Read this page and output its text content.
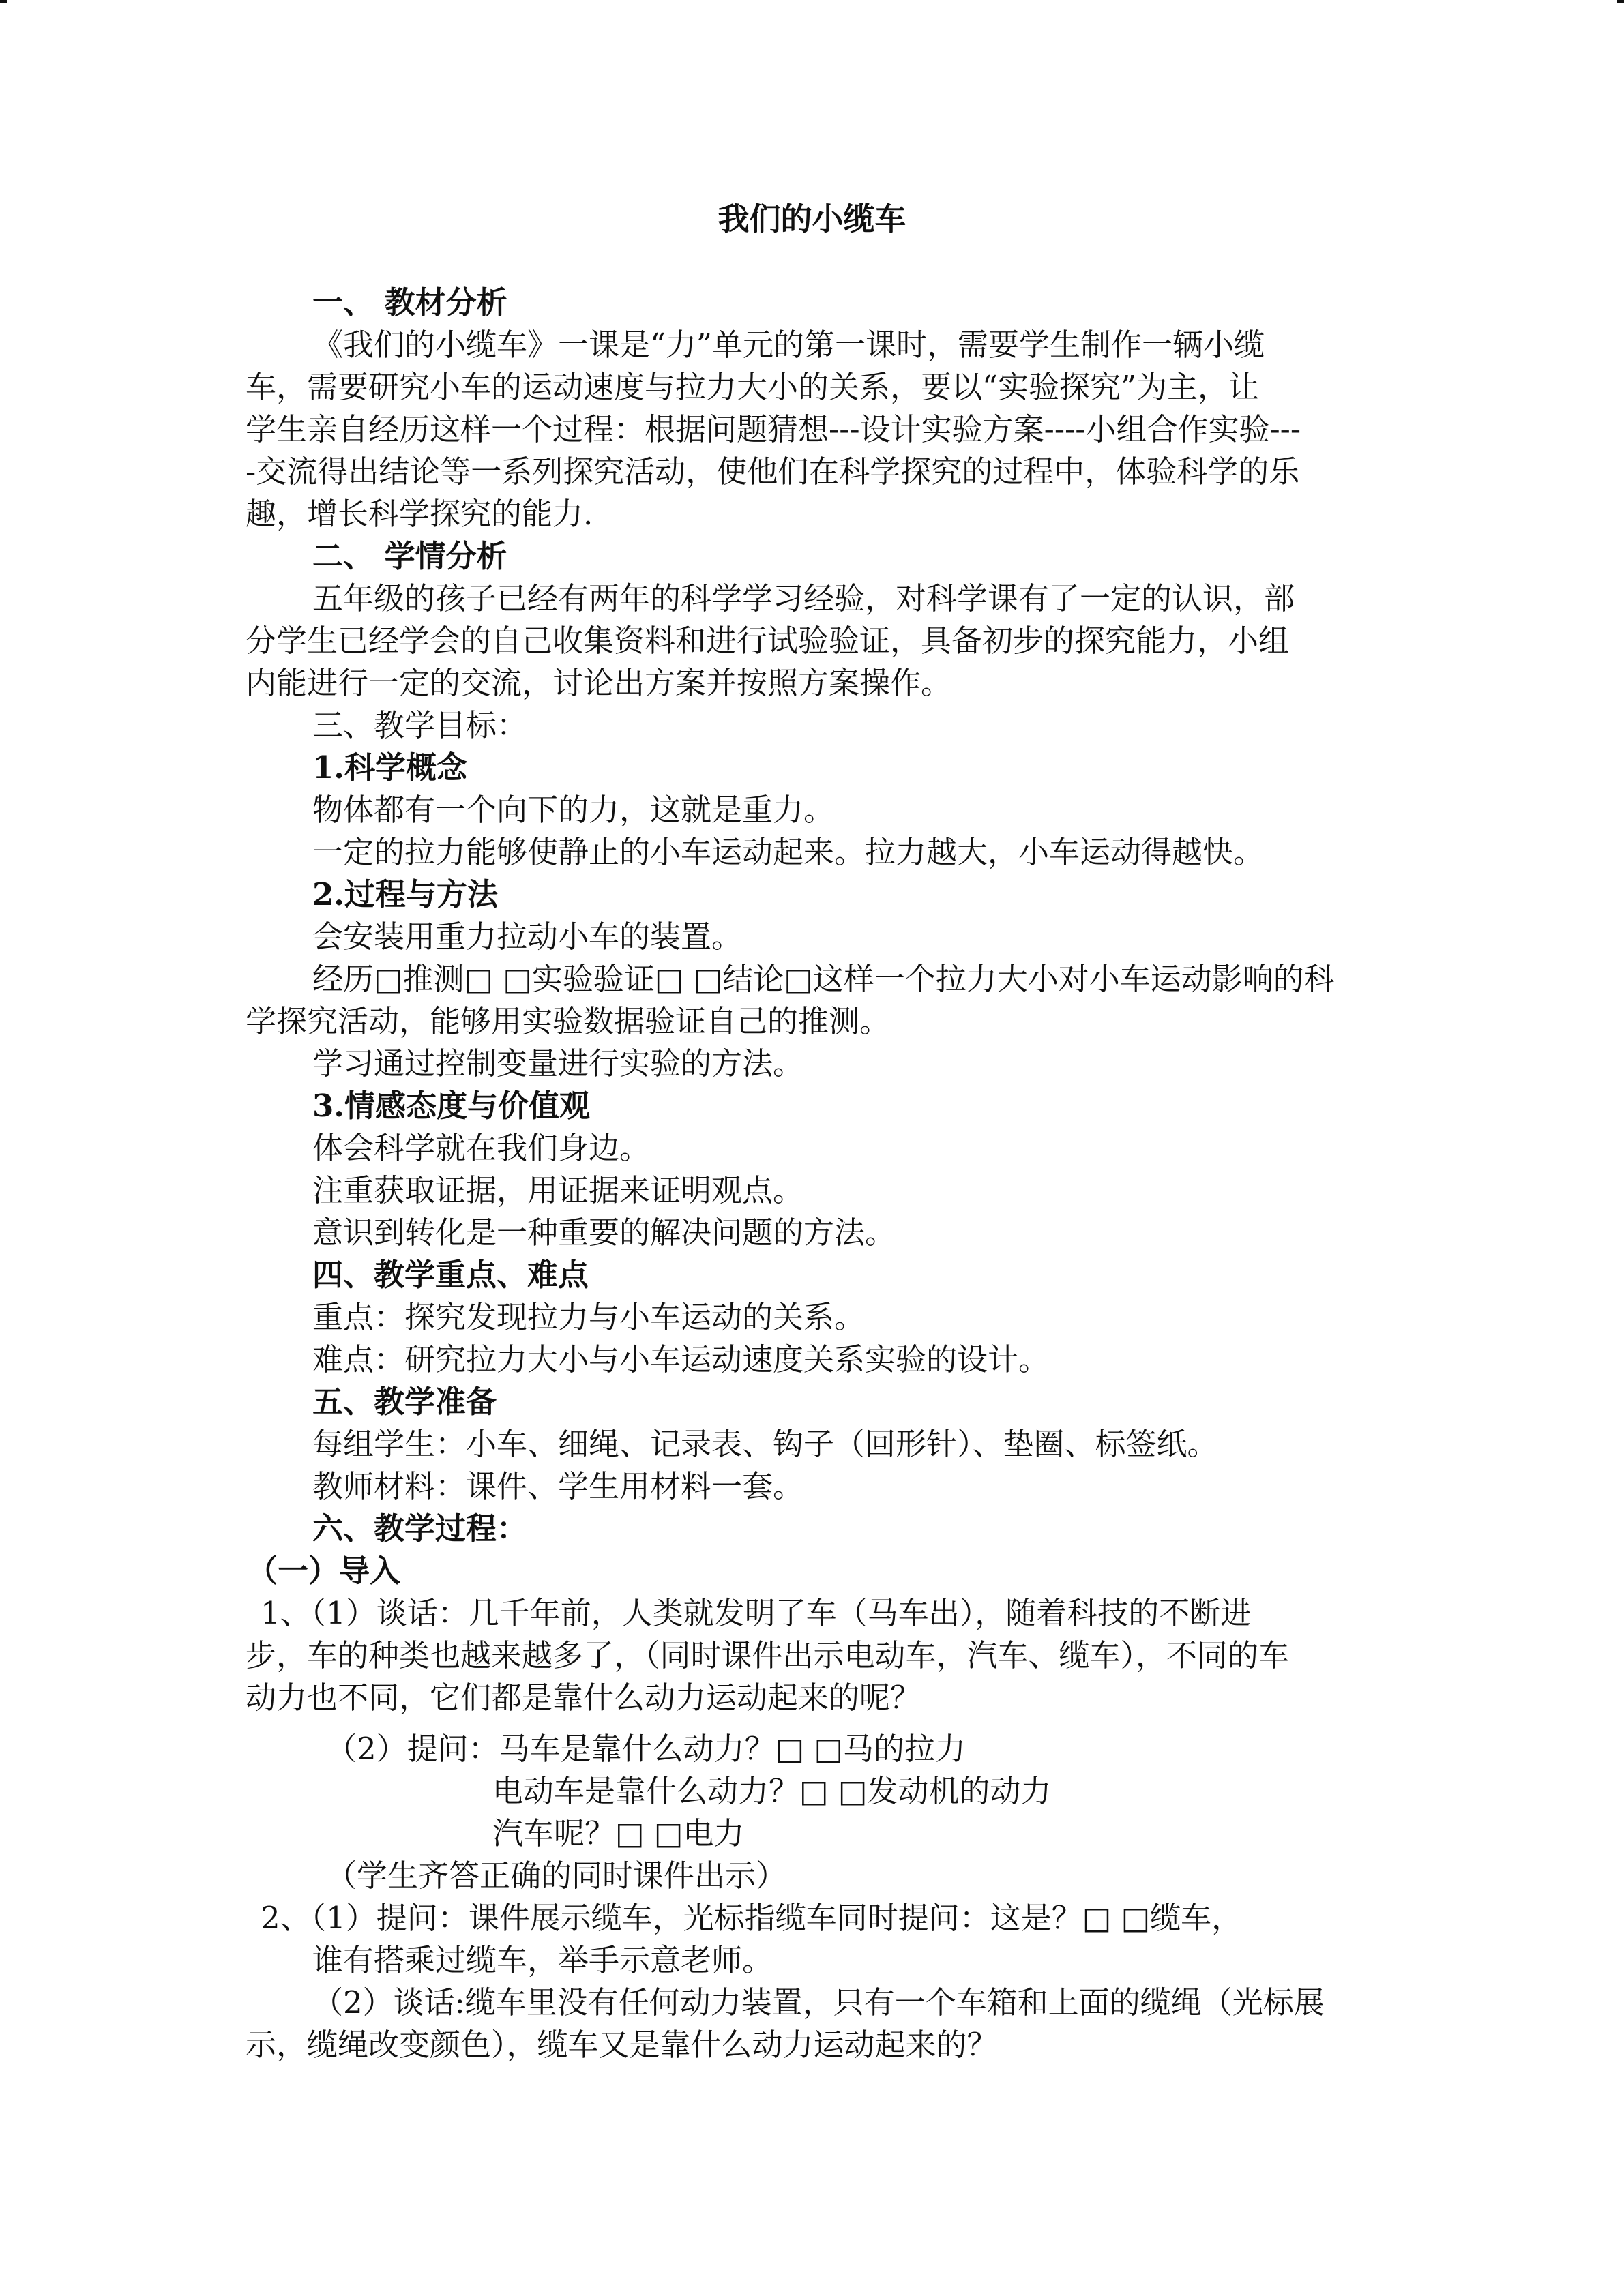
我们的小缆车
一、 教材分析
《我们的小缆车》一课是“力”单元的第一课时，需要学生制作一辆小缆
车，需要研究小车的运动速度与拉力大小的关系，要以“实验探究”为主，让
学生亲自经历这样一个过程：根据问题猜想---设计实验方案----小组合作实验---
-交流得出结论等一系列探究活动，使他们在科学探究的过程中，体验科学的乐
趣，增长科学探究的能力.
二、 学情分析
五年级的孩子已经有两年的科学学习经验，对科学课有了一定的认识，部
分学生已经学会的自己收集资料和进行试验验证，具备初步的探究能力，小组
内能进行一定的交流，讨论出方案并按照方案操作。
三、教学目标：
1.科学概念
物体都有一个向下的力，这就是重力。
一定的拉力能够使静止的小车运动起来。拉力越大，小车运动得越快。
2.过程与方法
会安装用重力拉动小车的装置。
经历□推测□ □实验验证□ □结论□这样一个拉力大小对小车运动影响的科
学探究活动，能够用实验数据验证自己的推测。
学习通过控制变量进行实验的方法。
3.情感态度与价值观
体会科学就在我们身边。
注重获取证据，用证据来证明观点。
意识到转化是一种重要的解决问题的方法。
四、教学重点、难点
重点：探究发现拉力与小车运动的关系。
难点：研究拉力大小与小车运动速度关系实验的设计。
五、教学准备
每组学生：小车、细绳、记录表、钩子（回形针）、垫圈、标签纸。
教师材料：课件、学生用材料一套。
六、教学过程：
（一）导入
1、（1）谈话：几千年前，人类就发明了车（马车出），随着科技的不断进
步，车的种类也越来越多了，（同时课件出示电动车，汽车、缆车），不同的车
动力也不同，它们都是靠什么动力运动起来的呢？
（2）提问：马车是靠什么动力？□ □马的拉力
电动车是靠什么动力？□ □发动机的动力
汽车呢？□ □电力
（学生齐答正确的同时课件出示）
2、（1）提问：课件展示缆车，光标指缆车同时提问：这是？□ □缆车，
谁有搭乘过缆车，举手示意老师。
（2）谈话:缆车里没有任何动力装置，只有一个车箱和上面的缆绳（光标展
示，缆绳改变颜色），缆车又是靠什么动力运动起来的？
